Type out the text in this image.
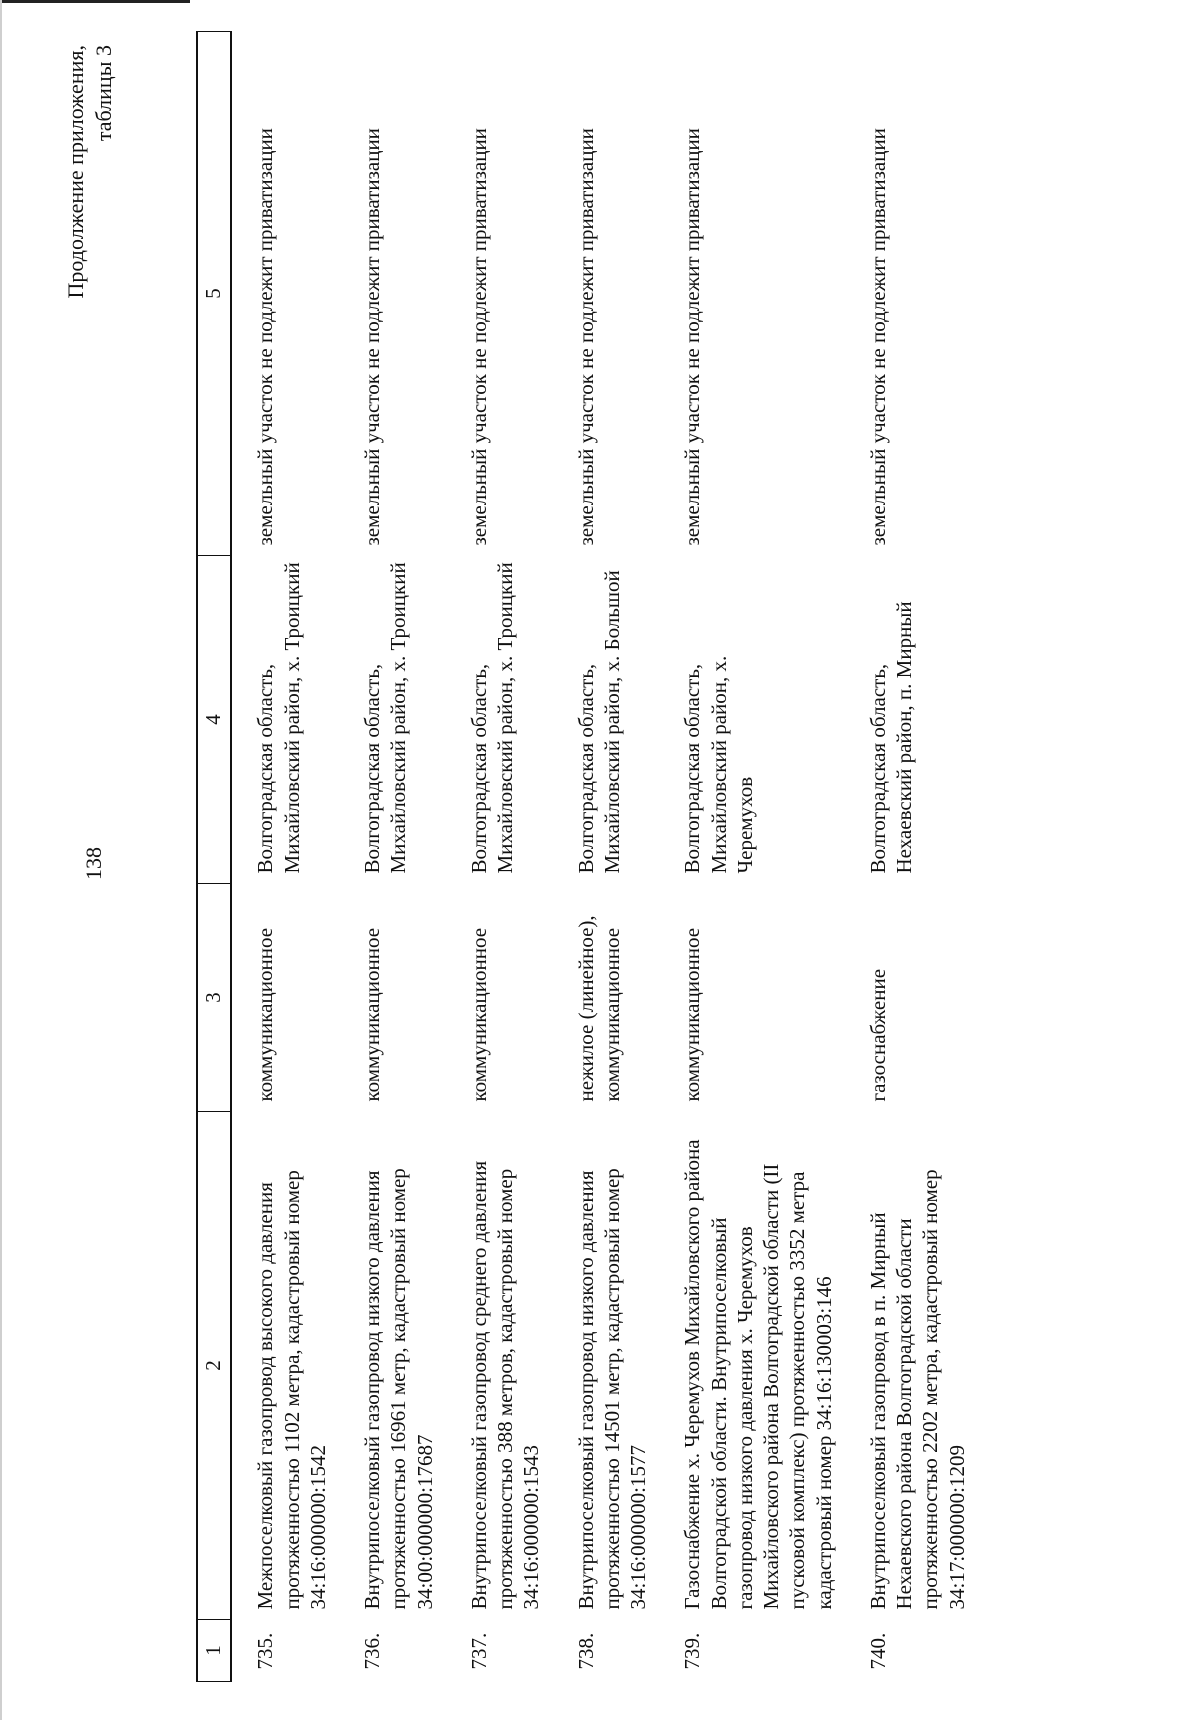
138
Продолжение приложения, таблицы 3
1	2	3	4	5

735.	Межпоселковый газопровод высокого давления протяженностью 1102 метра, кадастровый номер 34:16:000000:1542	коммуникационное	Волгоградская область, Михайловский район, х. Троицкий	земельный участок не подлежит приватизации
736.	Внутрипоселковый газопровод низкого давления протяженностью 16961 метр, кадастровый номер 34:00:000000:17687	коммуникационное	Волгоградская область, Михайловский район, х. Троицкий	земельный участок не подлежит приватизации
737.	Внутрипоселковый газопровод среднего давления протяженностью 388 метров, кадастровый номер 34:16:000000:1543	коммуникационное	Волгоградская область, Михайловский район, х. Троицкий	земельный участок не подлежит приватизации
738.	Внутрипоселковый газопровод низкого давления протяженностью 14501 метр, кадастровый номер 34:16:000000:1577	нежилое (линейное), коммуникационное	Волгоградская область, Михайловский район, х. Большой	земельный участок не подлежит приватизации
739.	Газоснабжение х. Черемухов Михайловского района Волгоградской области. Внутрипоселковый газопровод низкого давления х. Черемухов Михайловского района Волгоградской области (II пусковой комплекс) протяженностью 3352 метра кадастровый номер 34:16:130003:146	коммуникационное	Волгоградская область, Михайловский район, х. Черемухов	земельный участок не подлежит приватизации
740.	Внутрипоселковый газопровод в п. Мирный Нехаевского района Волгоградской области протяженностью 2202 метра, кадастровый номер 34:17:000000:1209	газоснабжение	Волгоградская область, Нехаевский район, п. Мирный	земельный участок не подлежит приватизации
